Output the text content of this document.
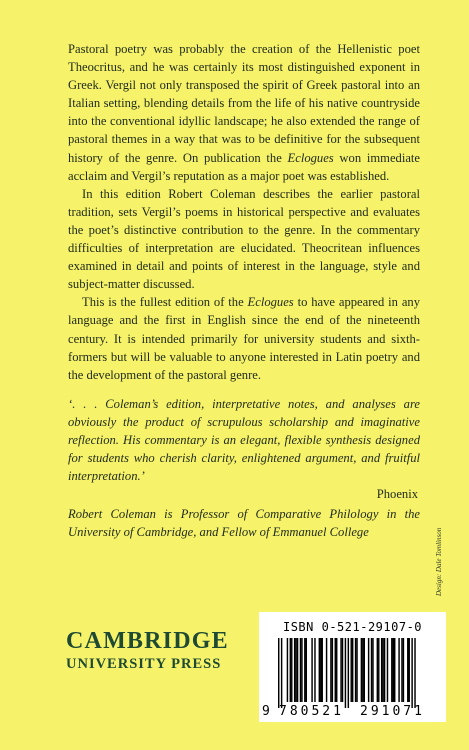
Pastoral poetry was probably the creation of the Hellenistic poet Theocritus, and he was certainly its most distinguished exponent in Greek. Vergil not only transposed the spirit of Greek pastoral into an Italian setting, blending details from the life of his native countryside into the conventional idyllic landscape; he also extended the range of pastoral themes in a way that was to be definitive for the subsequent history of the genre. On publication the Eclogues won immediate acclaim and Vergil’s reputation as a major poet was established.

In this edition Robert Coleman describes the earlier pastoral tradition, sets Vergil’s poems in historical perspective and evaluates the poet’s distinctive contribution to the genre. In the commentary difficulties of interpretation are elucidated. Theocritean influences examined in detail and points of interest in the language, style and subject-matter discussed.

This is the fullest edition of the Eclogues to have appeared in any language and the first in English since the end of the nineteenth century. It is intended primarily for university students and sixth-formers but will be valuable to anyone interested in Latin poetry and the development of the pastoral genre.

‘. . . Coleman’s edition, interpretative notes, and analyses are obviously the product of scrupulous scholarship and imaginative reflection. His commentary is an elegant, flexible synthesis designed for students who cherish clarity, enlightened argument, and fruitful interpretation.’
Phoenix
Robert Coleman is Professor of Comparative Philology in the University of Cambridge, and Fellow of Emmanuel College	Design: Dale Tomlinson
CAMBRIDGE
UNIVERSITY PRESS
ISBN 0-521-29107-0
9 780521 291071
